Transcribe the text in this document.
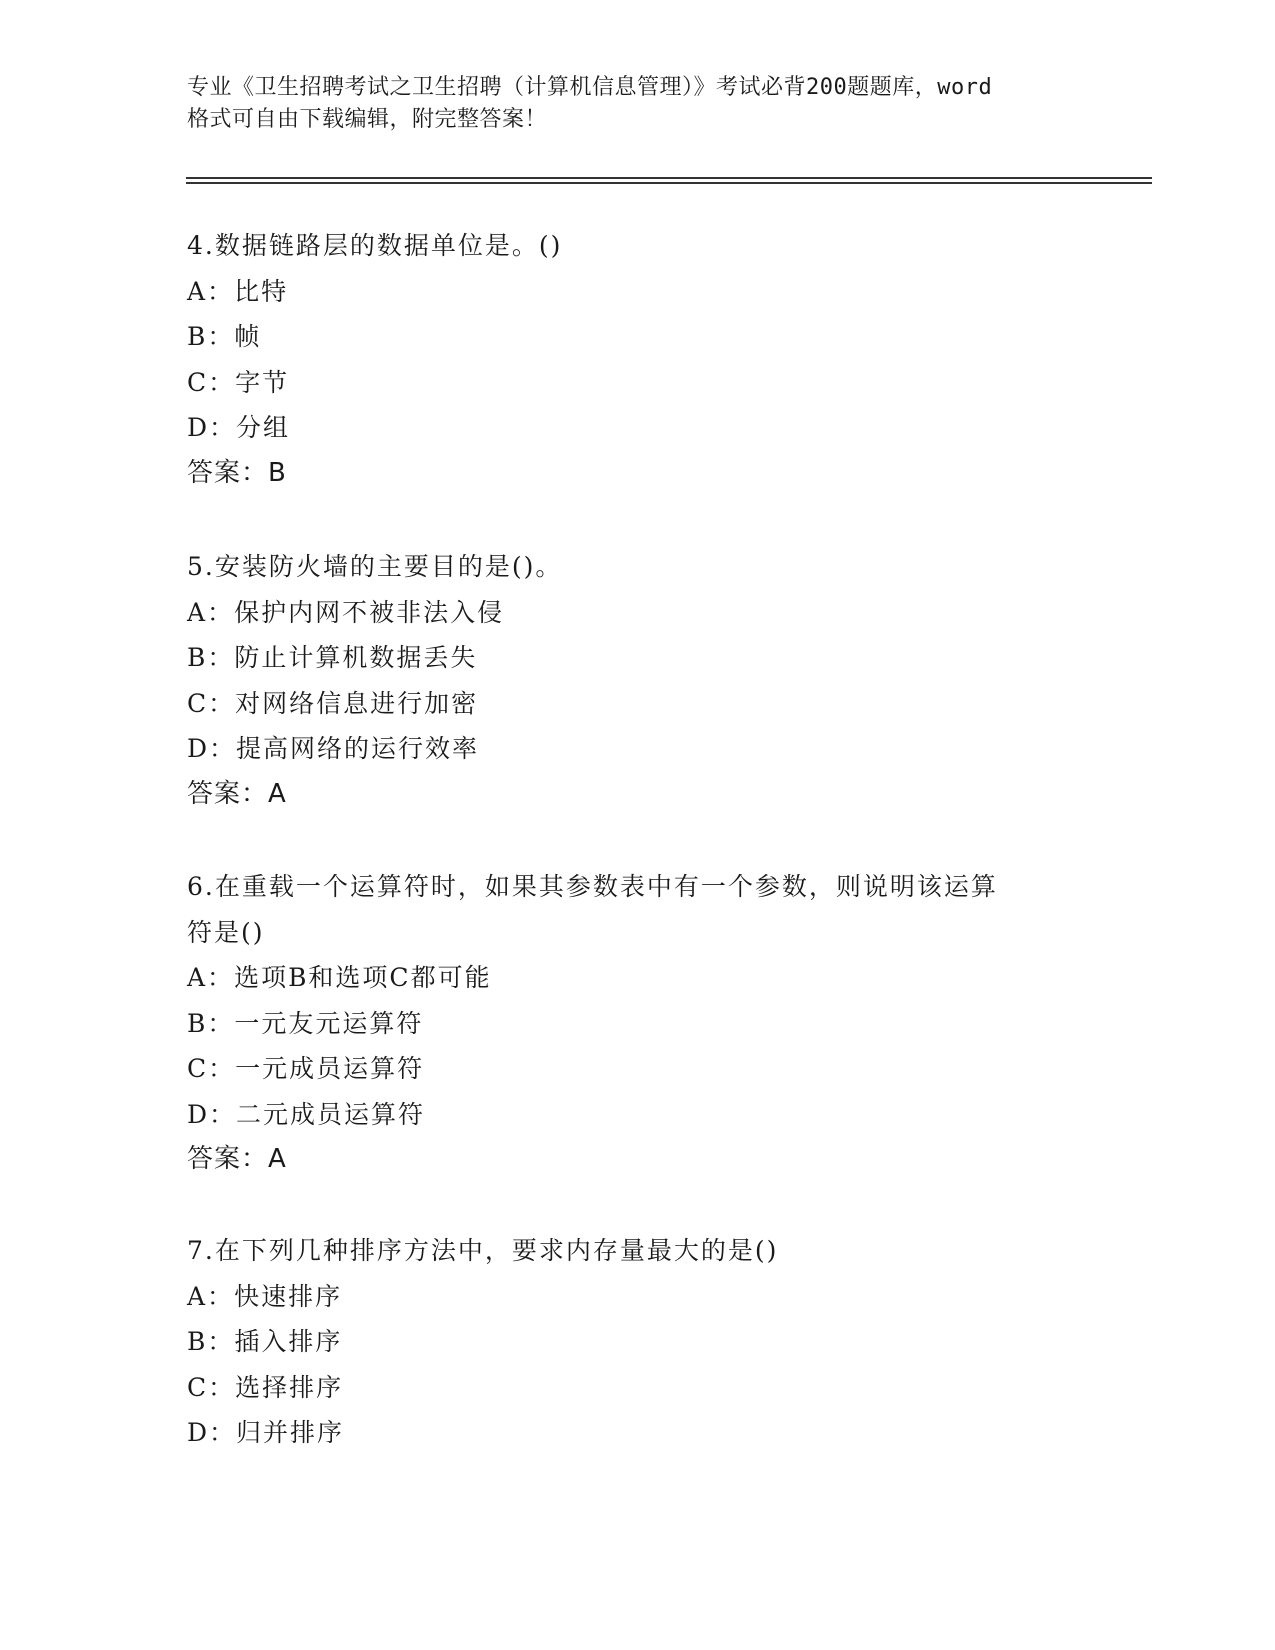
专业《卫生招聘考试之卫生招聘（计算机信息管理）》考试必背200题题库，word
格式可自由下载编辑，附完整答案！
4.数据链路层的数据单位是。()
A：比特
B：帧
C：字节
D：分组
答案：B
5.安装防火墙的主要目的是()。
A：保护内网不被非法入侵
B：防止计算机数据丢失
C：对网络信息进行加密
D：提高网络的运行效率
答案：A
6.在重载一个运算符时，如果其参数表中有一个参数，则说明该运算
符是()
A：选项B和选项C都可能
B：一元友元运算符
C：一元成员运算符
D：二元成员运算符
答案：A
7.在下列几种排序方法中，要求内存量最大的是()
A：快速排序
B：插入排序
C：选择排序
D：归并排序
